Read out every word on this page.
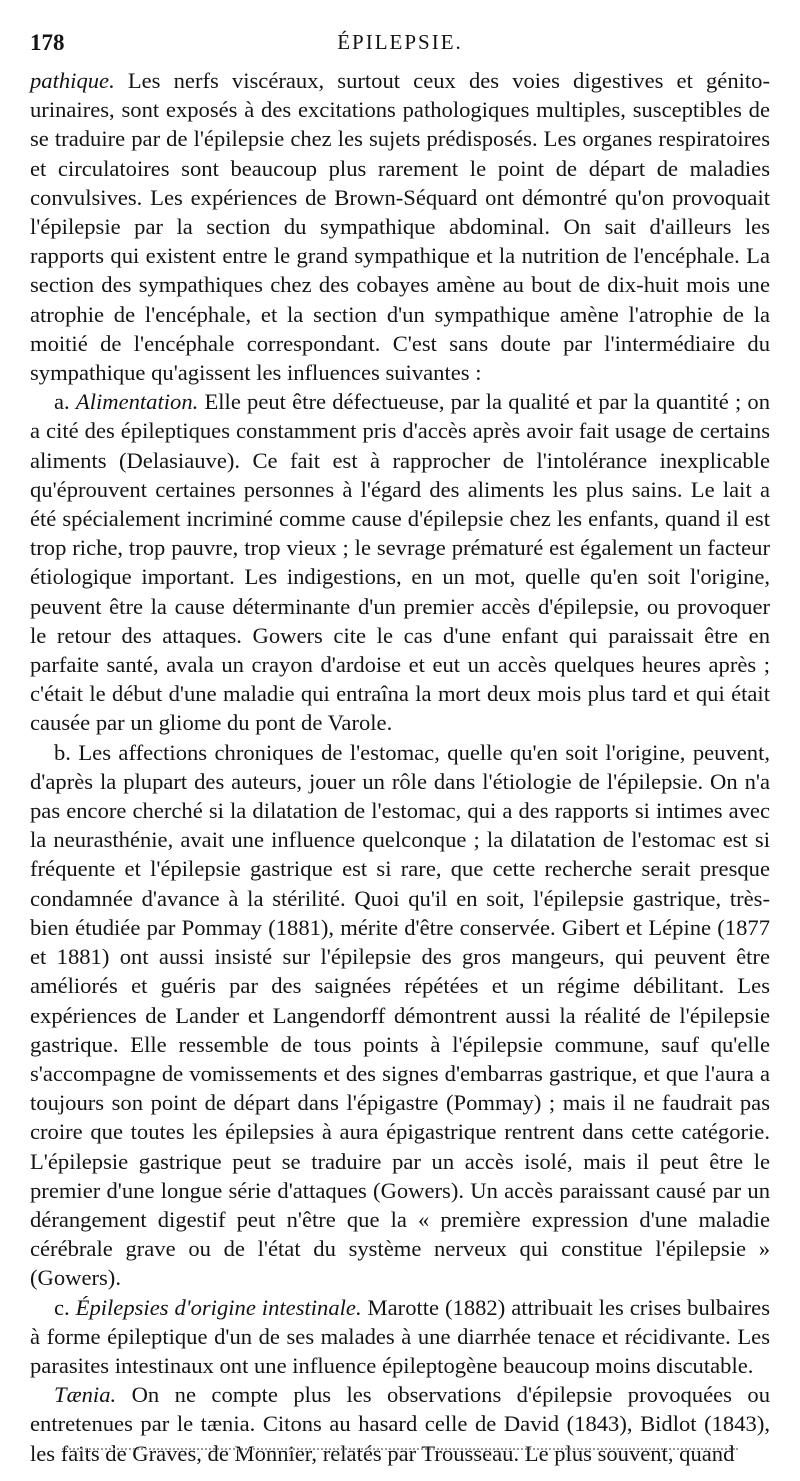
178	ÉPILEPSIE.

pathique. Les nerfs viscéraux, surtout ceux des voies digestives et génito-urinaires, sont exposés à des excitations pathologiques multiples, susceptibles de se traduire par de l'épilepsie chez les sujets prédisposés. Les organes respiratoires et circulatoires sont beaucoup plus rarement le point de départ de maladies convulsives. Les expériences de Brown-Séquard ont démontré qu'on provoquait l'épilepsie par la section du sympathique abdominal. On sait d'ailleurs les rapports qui existent entre le grand sympathique et la nutrition de l'encéphale. La section des sympathiques chez des cobayes amène au bout de dix-huit mois une atrophie de l'encéphale, et la section d'un sympathique amène l'atrophie de la moitié de l'encéphale correspondant. C'est sans doute par l'intermédiaire du sympathique qu'agissent les influences suivantes :

a. Alimentation. Elle peut être défectueuse, par la qualité et par la quantité ; on a cité des épileptiques constamment pris d'accès après avoir fait usage de certains aliments (Delasiauve). Ce fait est à rapprocher de l'intolérance inexplicable qu'éprouvent certaines personnes à l'égard des aliments les plus sains. Le lait a été spécialement incriminé comme cause d'épilepsie chez les enfants, quand il est trop riche, trop pauvre, trop vieux ; le sevrage prématuré est également un facteur étiologique important. Les indigestions, en un mot, quelle qu'en soit l'origine, peuvent être la cause déterminante d'un premier accès d'épilepsie, ou provoquer le retour des attaques. Gowers cite le cas d'une enfant qui paraissait être en parfaite santé, avala un crayon d'ardoise et eut un accès quelques heures après ; c'était le début d'une maladie qui entraîna la mort deux mois plus tard et qui était causée par un gliome du pont de Varole.

b. Les affections chroniques de l'estomac, quelle qu'en soit l'origine, peuvent, d'après la plupart des auteurs, jouer un rôle dans l'étiologie de l'épilepsie. On n'a pas encore cherché si la dilatation de l'estomac, qui a des rapports si intimes avec la neurasthénie, avait une influence quelconque ; la dilatation de l'estomac est si fréquente et l'épilepsie gastrique est si rare, que cette recherche serait presque condamnée d'avance à la stérilité. Quoi qu'il en soit, l'épilepsie gastrique, très-bien étudiée par Pommay (1881), mérite d'être conservée. Gibert et Lépine (1877 et 1881) ont aussi insisté sur l'épilepsie des gros mangeurs, qui peuvent être améliorés et guéris par des saignées répétées et un régime débilitant. Les expériences de Lander et Langendorff démontrent aussi la réalité de l'épilepsie gastrique. Elle ressemble de tous points à l'épilepsie commune, sauf qu'elle s'accompagne de vomissements et des signes d'embarras gastrique, et que l'aura a toujours son point de départ dans l'épigastre (Pommay) ; mais il ne faudrait pas croire que toutes les épilepsies à aura épigastrique rentrent dans cette catégorie. L'épilepsie gastrique peut se traduire par un accès isolé, mais il peut être le premier d'une longue série d'attaques (Gowers). Un accès paraissant causé par un dérangement digestif peut n'être que la « première expression d'une maladie cérébrale grave ou de l'état du système nerveux qui constitue l'épilepsie » (Gowers).

c. Épilepsies d'origine intestinale. Marotte (1882) attribuait les crises bulbaires à forme épileptique d'un de ses malades à une diarrhée tenace et récidivante. Les parasites intestinaux ont une influence épileptogène beaucoup moins discutable.

Tænia. On ne compte plus les observations d'épilepsie provoquées ou entretenues par le tænia. Citons au hasard celle de David (1843), Bidlot (1843), les faits de Graves, de Monnier, relatés par Trousseau. Le plus souvent, quand
